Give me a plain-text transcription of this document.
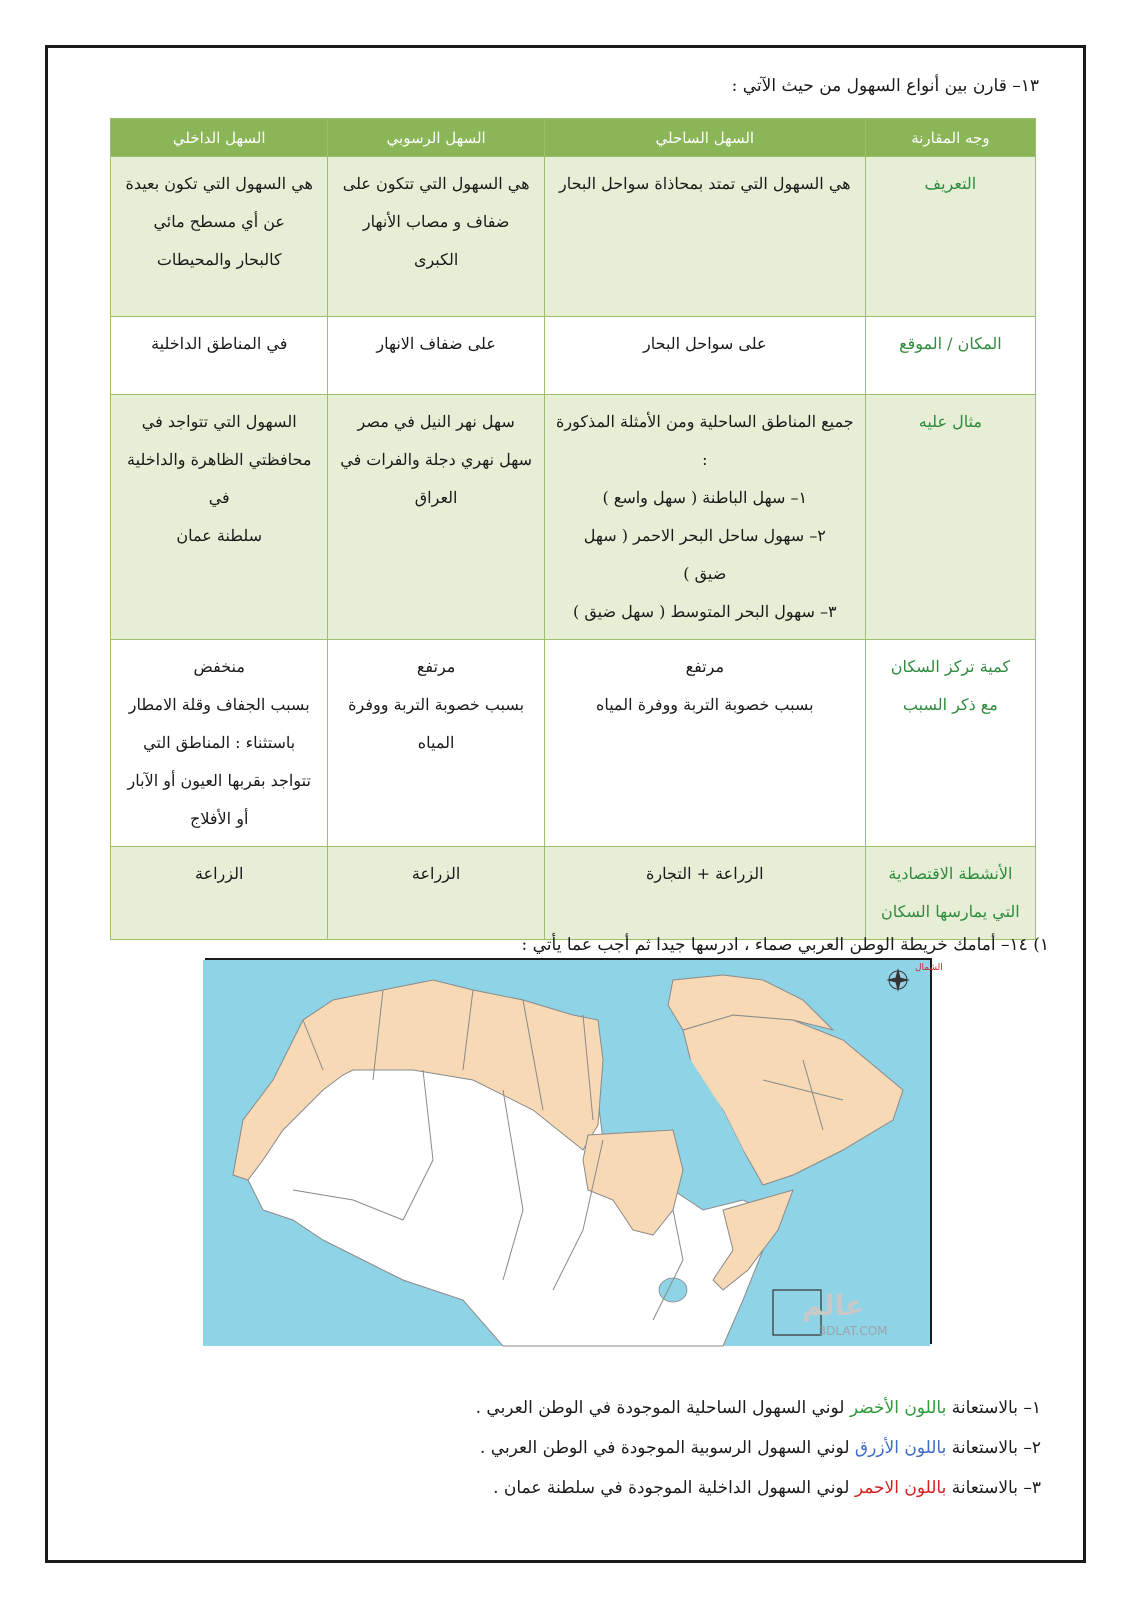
١٣– قارن بين أنواع السهول من حيث الآتي :
وجه المقارنة	السهل الساحلي	السهل الرسوبي	السهل الداخلي

التعريف	هي السهول التي تمتد بمحاذاة سواحل البحار	هي السهول التي تتكون على
ضفاف و مصاب الأنهار
الكبرى	هي السهول التي تكون بعيدة
عن أي مسطح مائي
كالبحار والمحيطات

المكان / الموقع	على سواحل البحار	على ضفاف الانهار	في المناطق الداخلية

مثال عليه	جميع المناطق الساحلية ومن الأمثلة المذكورة :
١– سهل الباطنة ( سهل واسع )
٢– سهول ساحل البحر الاحمر ( سهل
ضيق )
٣– سهول البحر المتوسط ( سهل ضيق )	سهل نهر النيل في مصر
سهل نهري دجلة والفرات في
العراق	السهول التي تتواجد في
محافظتي الظاهرة والداخلية في
سلطنة عمان

كمية تركز السكان
مع ذكر السبب	مرتفع
بسبب خصوبة التربة ووفرة المياه	مرتفع
بسبب خصوبة التربة ووفرة
المياه	منخفض
بسبب الجفاف وقلة الامطار
باستثناء : المناطق التي
تتواجد بقربها العيون أو الآبار
أو الأفلاج

الأنشطة الاقتصادية
التي يمارسها السكان	الزراعة + التجارة	الزراعة	الزراعة
١) ١٤– أمامك خريطة الوطن العربي صماء ، ادرسها جيدا ثم أجب عما يأتي :
الشمال
عالم
3DLAT.COM
١– بالاستعانة باللون الأخضر لوني السهول الساحلية الموجودة في الوطن العربي .
٢– بالاستعانة باللون الأزرق لوني السهول الرسوبية الموجودة في الوطن العربي .
٣– بالاستعانة باللون الاحمر لوني السهول الداخلية الموجودة في سلطنة عمان .
